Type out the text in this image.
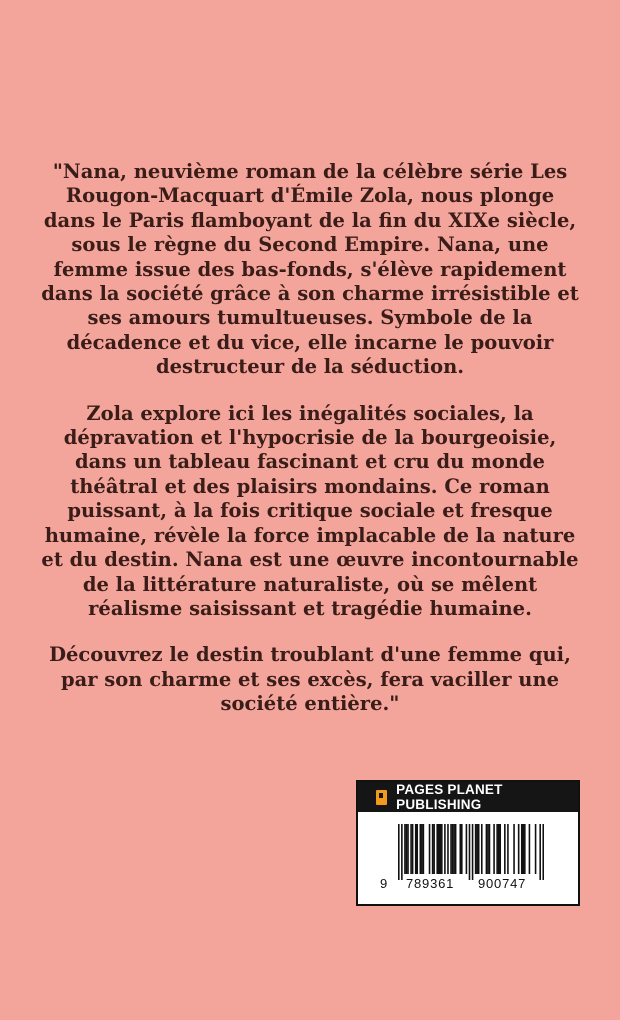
"Nana, neuvième roman de la célèbre série Les Rougon-Macquart d'Émile Zola, nous plonge dans le Paris flamboyant de la fin du XIXe siècle, sous le règne du Second Empire. Nana, une femme issue des bas-fonds, s'élève rapidement dans la société grâce à son charme irrésistible et ses amours tumultueuses. Symbole de la décadence et du vice, elle incarne le pouvoir destructeur de la séduction.

Zola explore ici les inégalités sociales, la dépravation et l'hypocrisie de la bourgeoisie, dans un tableau fascinant et cru du monde théâtral et des plaisirs mondains. Ce roman puissant, à la fois critique sociale et fresque humaine, révèle la force implacable de la nature et du destin. Nana est une œuvre incontournable de la littérature naturaliste, où se mêlent réalisme saisissant et tragédie humaine.

Découvrez le destin troublant d'une femme qui, par son charme et ses excès, fera vaciller une société entière."

PAGES PLANET PUBLISHING
9 789361 900747
